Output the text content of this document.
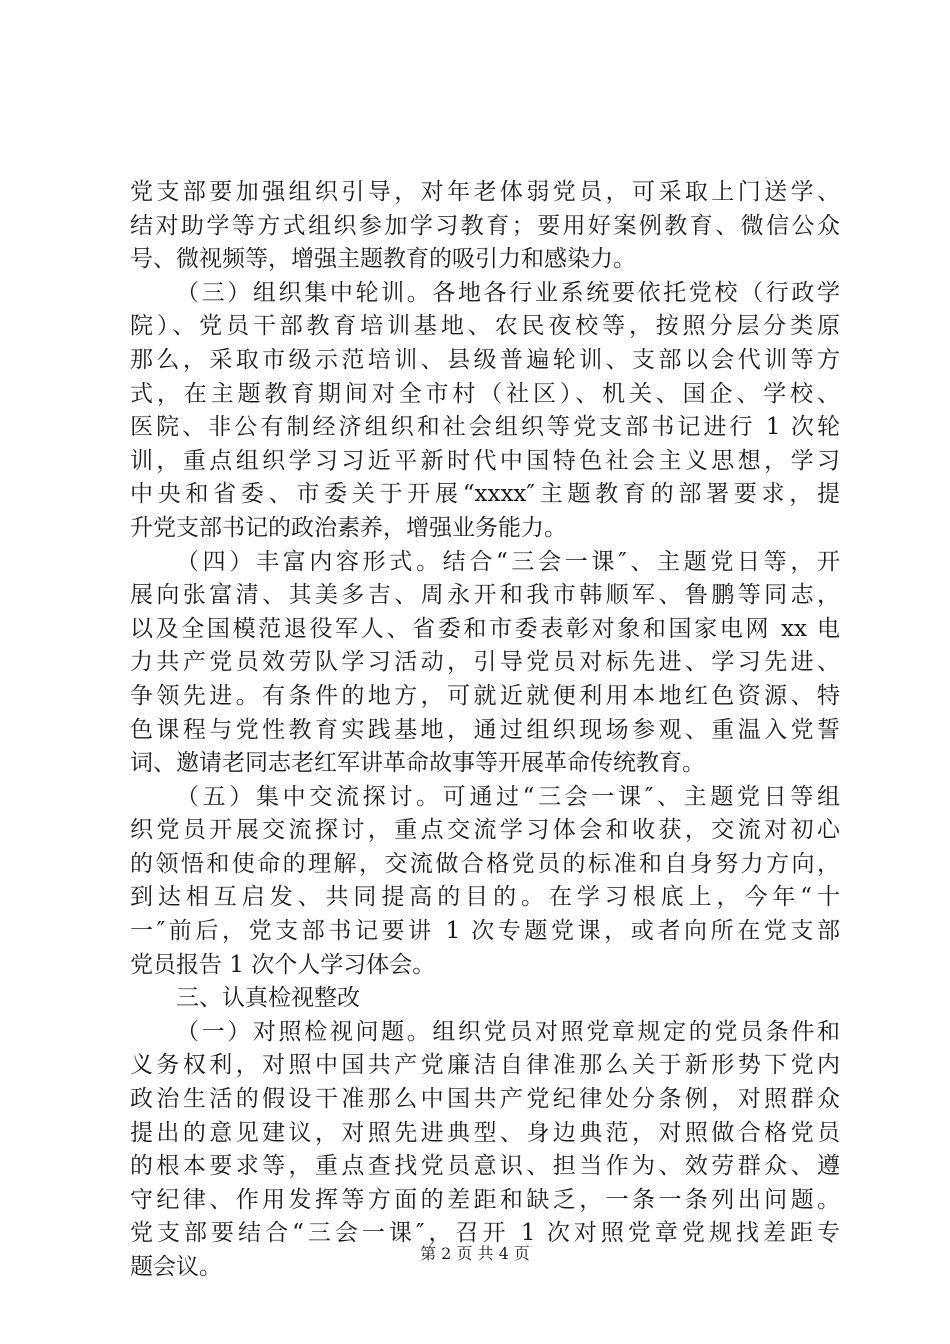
党支部要加强组织引导，对年老体弱党员，可采取上门送学、
结对助学等方式组织参加学习教育；要用好案例教育、微信公众
号、微视频等，增强主题教育的吸引力和感染力。
（三）组织集中轮训。各地各行业系统要依托党校（行政学
院）、党员干部教育培训基地、农民夜校等，按照分层分类原
那么，采取市级示范培训、县级普遍轮训、支部以会代训等方
式，在主题教育期间对全市村（社区）、机关、国企、学校、
医院、非公有制经济组织和社会组织等党支部书记进行 1 次轮
训，重点组织学习习近平新时代中国特色社会主义思想，学习
中央和省委、市委关于开展“xxxx″主题教育的部署要求，提
升党支部书记的政治素养，增强业务能力。
（四）丰富内容形式。结合“三会一课″、主题党日等，开
展向张富清、其美多吉、周永开和我市韩顺军、鲁鹏等同志，
以及全国模范退役军人、省委和市委表彰对象和国家电网 xx 电
力共产党员效劳队学习活动，引导党员对标先进、学习先进、
争领先进。有条件的地方，可就近就便利用本地红色资源、特
色课程与党性教育实践基地，通过组织现场参观、重温入党誓
词、邀请老同志老红军讲革命故事等开展革命传统教育。
（五）集中交流探讨。可通过“三会一课″、主题党日等组
织党员开展交流探讨，重点交流学习体会和收获，交流对初心
的领悟和使命的理解，交流做合格党员的标准和自身努力方向，
到达相互启发、共同提高的目的。在学习根底上，今年“十
一″前后，党支部书记要讲 1 次专题党课，或者向所在党支部
党员报告 1 次个人学习体会。
三、认真检视整改
（一）对照检视问题。组织党员对照党章规定的党员条件和
义务权利，对照中国共产党廉洁自律准那么关于新形势下党内
政治生活的假设干准那么中国共产党纪律处分条例，对照群众
提出的意见建议，对照先进典型、身边典范，对照做合格党员
的根本要求等，重点查找党员意识、担当作为、效劳群众、遵
守纪律、作用发挥等方面的差距和缺乏，一条一条列出问题。
党支部要结合“三会一课″，召开 1 次对照党章党规找差距专
题会议。
第 2 页 共 4 页
